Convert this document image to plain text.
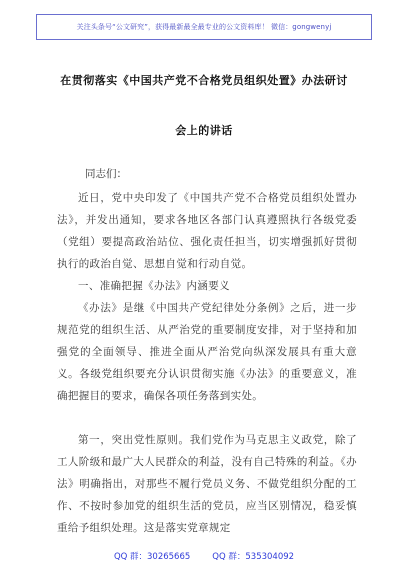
关注头条号“公文研究”，获得最新最全最专业的公文资料库！ 微信：gongwenyj
在贯彻落实《中国共产党不合格党员组织处置》办法研讨
会上的讲话

同志们：

近日，党中央印发了《中国共产党不合格党员组织处置办法》，并发出通知，要求各地区各部门认真遵照执行各级党委（党组）要提高政治站位、强化责任担当，切实增强抓好贯彻执行的政治自觉、思想自觉和行动自觉。

一、准确把握《办法》内涵要义

《办法》是继《中国共产党纪律处分条例》之后，进一步规范党的组织生活、从严治党的重要制度安排，对于坚持和加强党的全面领导、推进全面从严治党向纵深发展具有重大意义。各级党组织要充分认识贯彻实施《办法》的重要意义，准确把握目的要求，确保各项任务落到实处。

第一，突出党性原则。我们党作为马克思主义政党，除了工人阶级和最广大人民群众的利益，没有自己特殊的利益。《办法》明确指出，对那些不履行党员义务、不做党组织分配的工作、不按时参加党的组织生活的党员，应当区别情况，稳妥慎重给予组织处理。这是落实党章规定

QQ 群：30265665	QQ 群：535304092
